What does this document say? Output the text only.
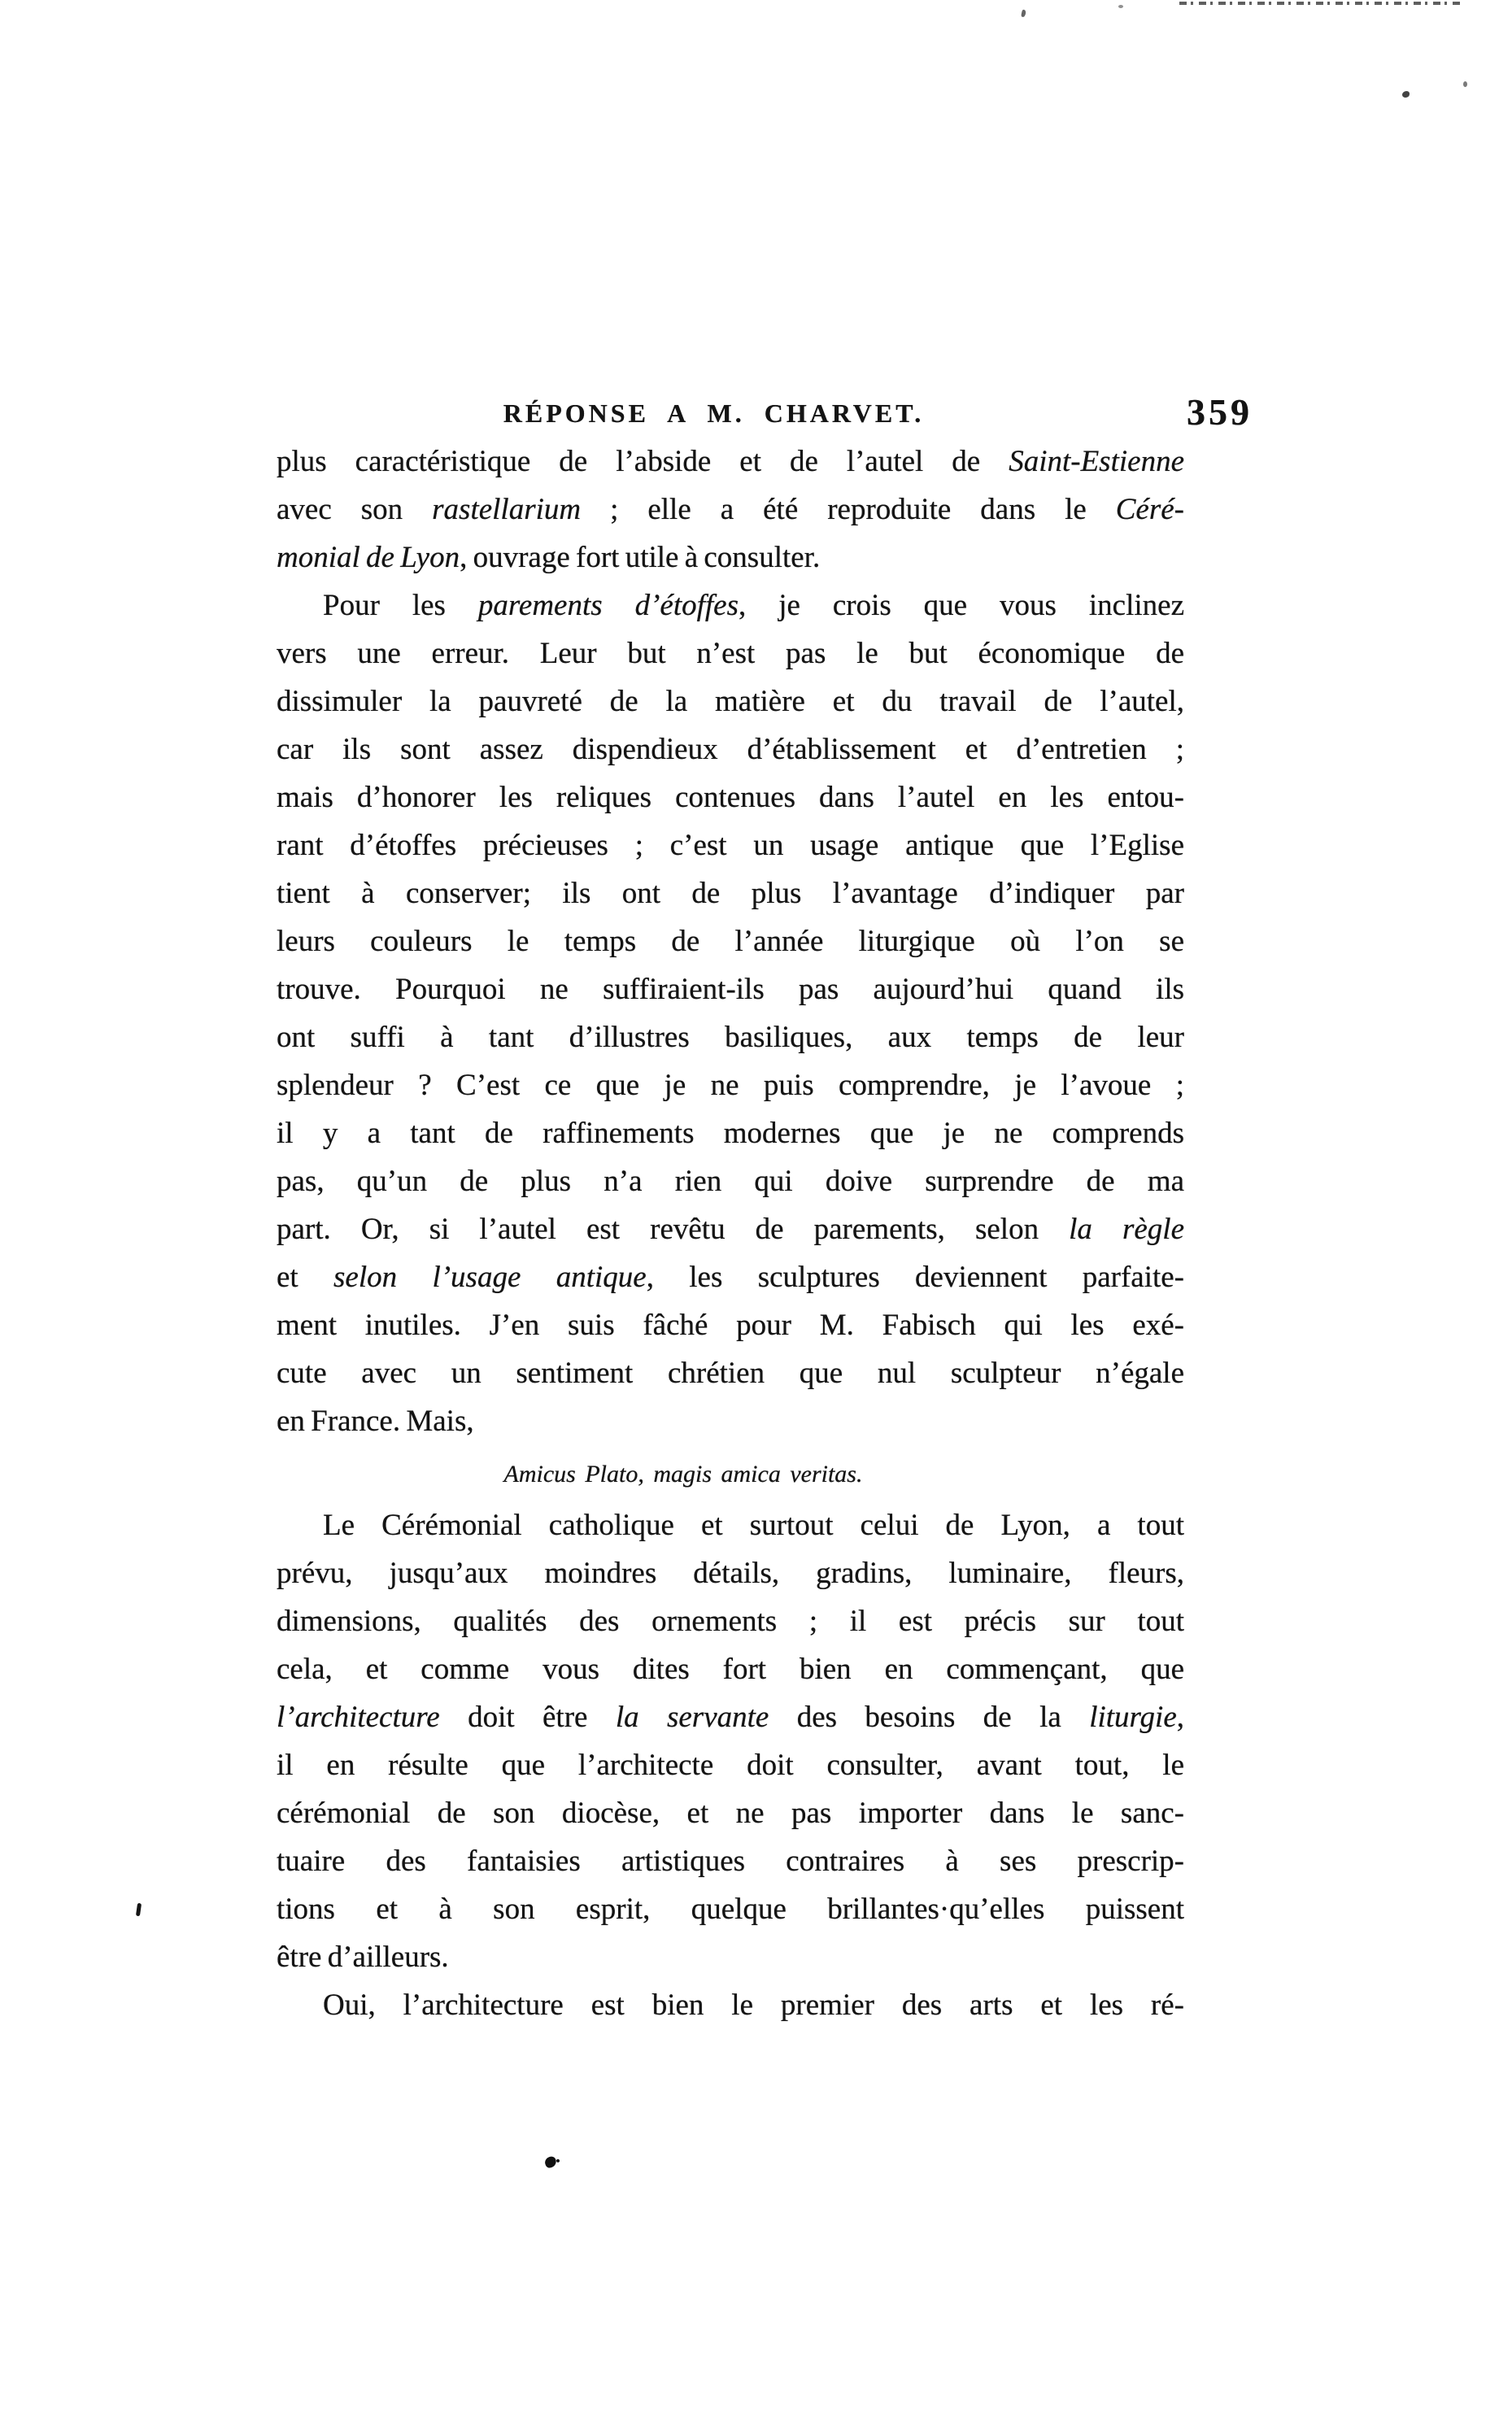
RÉPONSE A M. CHARVET.	359
plus caractéristique de l’abside et de l’autel de Saint-Estienne
avec son rastellarium ; elle a été reproduite dans le Céré-
monial de Lyon, ouvrage fort utile à consulter.
Pour les parements d’étoffes, je crois que vous inclinez
vers une erreur. Leur but n’est pas le but économique de
dissimuler la pauvreté de la matière et du travail de l’autel,
car ils sont assez dispendieux d’établissement et d’entretien ;
mais d’honorer les reliques contenues dans l’autel en les entou-
rant d’étoffes précieuses ; c’est un usage antique que l’Eglise
tient à conserver; ils ont de plus l’avantage d’indiquer par
leurs couleurs le temps de l’année liturgique où l’on se
trouve. Pourquoi ne suffiraient-ils pas aujourd’hui quand ils
ont suffi à tant d’illustres basiliques, aux temps de leur
splendeur ? C’est ce que je ne puis comprendre, je l’avoue ;
il y a tant de raffinements modernes que je ne comprends
pas, qu’un de plus n’a rien qui doive surprendre de ma
part. Or, si l’autel est revêtu de parements, selon la règle
et selon l’usage antique, les sculptures deviennent parfaite-
ment inutiles. J’en suis fâché pour M. Fabisch qui les exé-
cute avec un sentiment chrétien que nul sculpteur n’égale
en France. Mais,
Amicus Plato, magis amica veritas.
Le Cérémonial catholique et surtout celui de Lyon, a tout
prévu, jusqu’aux moindres détails, gradins, luminaire, fleurs,
dimensions, qualités des ornements ; il est précis sur tout
cela, et comme vous dites fort bien en commençant, que
l’architecture doit être la servante des besoins de la liturgie,
il en résulte que l’architecte doit consulter, avant tout, le
cérémonial de son diocèse, et ne pas importer dans le sanc-
tuaire des fantaisies artistiques contraires à ses prescrip-
tions et à son esprit, quelque brillantes·qu’elles puissent
être d’ailleurs.
Oui, l’architecture est bien le premier des arts et les ré-
